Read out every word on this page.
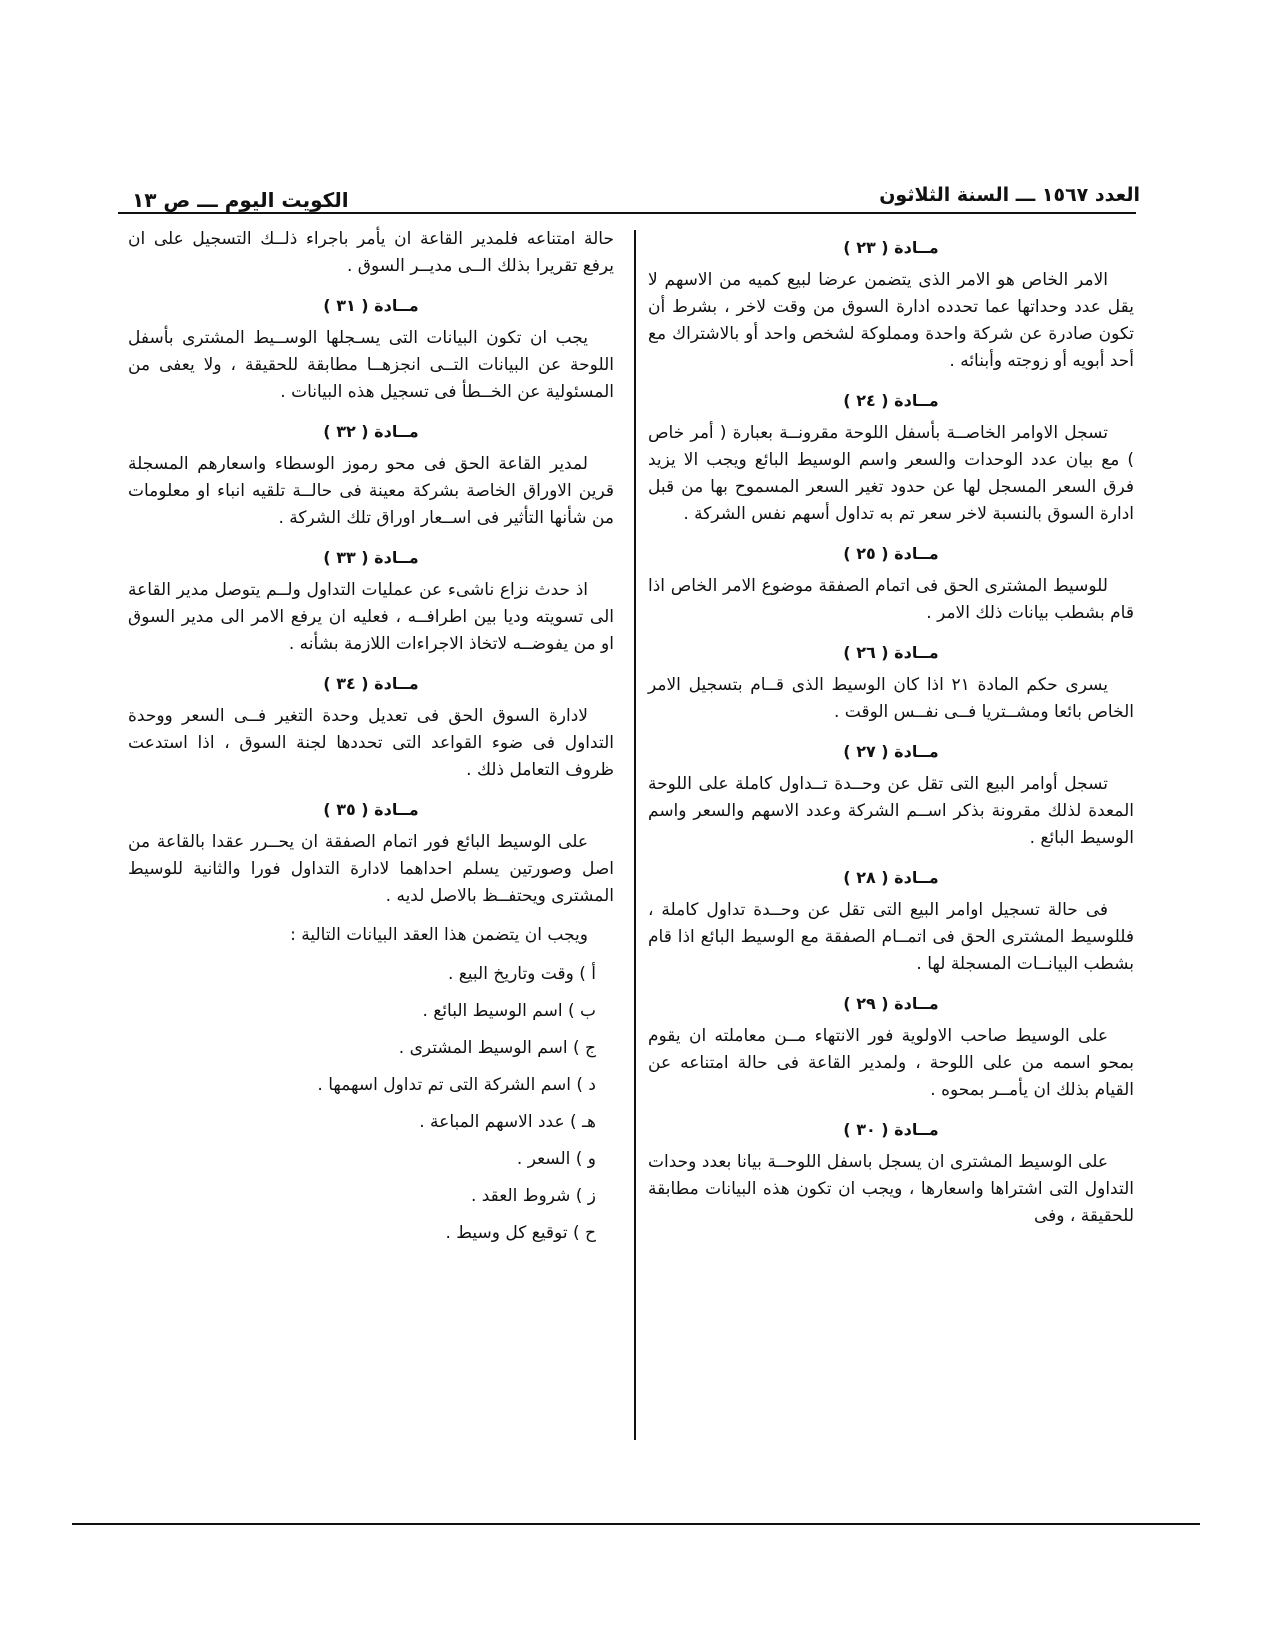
العدد ١٥٦٧ ـــ السنة الثلاثون
الكويت اليوم ـــ ص ١٣
مــادة ( ٢٣ )

الامر الخاص هو الامر الذى يتضمن عرضا لبيع كميه من الاسهم لا يقل عدد وحداتها عما تحدده ادارة السوق من وقت لاخر ، بشرط أن تكون صادرة عن شركة واحدة ومملوكة لشخص واحد أو بالاشتراك مع أحد أبويه أو زوجته وأبنائه .

مــادة ( ٢٤ )

تسجل الاوامر الخاصــة بأسفل اللوحة مقرونــة بعبارة ( أمر خاص ) مع بيان عدد الوحدات والسعر واسم الوسيط البائع ويجب الا يزيد فرق السعر المسجل لها عن حدود تغير السعر المسموح بها من قبل ادارة السوق بالنسبة لاخر سعر تم به تداول أسهم نفس الشركة .

مــادة ( ٢٥ )

للوسيط المشترى الحق فى اتمام الصفقة موضوع الامر الخاص اذا قام بشطب بيانات ذلك الامر .

مــادة ( ٢٦ )

يسرى حكم المادة ٢١ اذا كان الوسيط الذى قــام بتسجيل الامر الخاص بائعا ومشــتريا فــى نفــس الوقت .

مــادة ( ٢٧ )

تسجل أوامر البيع التى تقل عن وحــدة تــداول كاملة على اللوحة المعدة لذلك مقرونة بذكر اســم الشركة وعدد الاسهم والسعر واسم الوسيط البائع .

مــادة ( ٢٨ )

فى حالة تسجيل اوامر البيع التى تقل عن وحــدة تداول كاملة ، فللوسيط المشترى الحق فى اتمــام الصفقة مع الوسيط البائع اذا قام بشطب البيانــات المسجلة لها .

مــادة ( ٢٩ )

على الوسيط صاحب الاولوية فور الانتهاء مــن معاملته ان يقوم بمحو اسمه من على اللوحة ، ولمدير القاعة فى حالة امتناعه عن القيام بذلك ان يأمــر بمحوه .

مــادة ( ٣٠ )

على الوسيط المشترى ان يسجل باسفل اللوحــة بيانا بعدد وحدات التداول التى اشتراها واسعارها ، ويجب ان تكون هذه البيانات مطابقة للحقيقة ، وفى

حالة امتناعه فلمدير القاعة ان يأمر باجراء ذلــك التسجيل على ان يرفع تقريرا بذلك الــى مديــر السوق .

مــادة ( ٣١ )

يجب ان تكون البيانات التى يسـجلها الوســيط المشترى بأسفل اللوحة عن البيانات التــى انجزهــا مطابقة للحقيقة ، ولا يعفى من المسئولية عن الخــطأ فى تسجيل هذه البيانات .

مــادة ( ٣٢ )

لمدير القاعة الحق فى محو رموز الوسطاء واسعارهم المسجلة قرين الاوراق الخاصة بشركة معينة فى حالــة تلقيه انباء او معلومات من شأنها التأثير فى اســعار اوراق تلك الشركة .

مــادة ( ٣٣ )

اذ حدث نزاع ناشىء عن عمليات التداول ولــم يتوصل مدير القاعة الى تسويته وديا بين اطرافــه ، فعليه ان يرفع الامر الى مدير السوق او من يفوضــه لاتخاذ الاجراءات اللازمة بشأنه .

مــادة ( ٣٤ )

لادارة السوق الحق فى تعديل وحدة التغير فــى السعر ووحدة التداول فى ضوء القواعد التى تحددها لجنة السوق ، اذا استدعت ظروف التعامل ذلك .

مــادة ( ٣٥ )

على الوسيط البائع فور اتمام الصفقة ان يحــرر عقدا بالقاعة من اصل وصورتين يسلم احداهما لادارة التداول فورا والثانية للوسيط المشترى ويحتفــظ بالاصل لديه .

ويجب ان يتضمن هذا العقد البيانات التالية :

أ ) وقت وتاريخ البيع .
ب ) اسم الوسيط البائع .
ج ) اسم الوسيط المشترى .
د ) اسم الشركة التى تم تداول اسهمها .
هـ ) عدد الاسهم المباعة .
و ) السعر .
ز ) شروط العقد .
ح ) توقيع كل وسيط .
